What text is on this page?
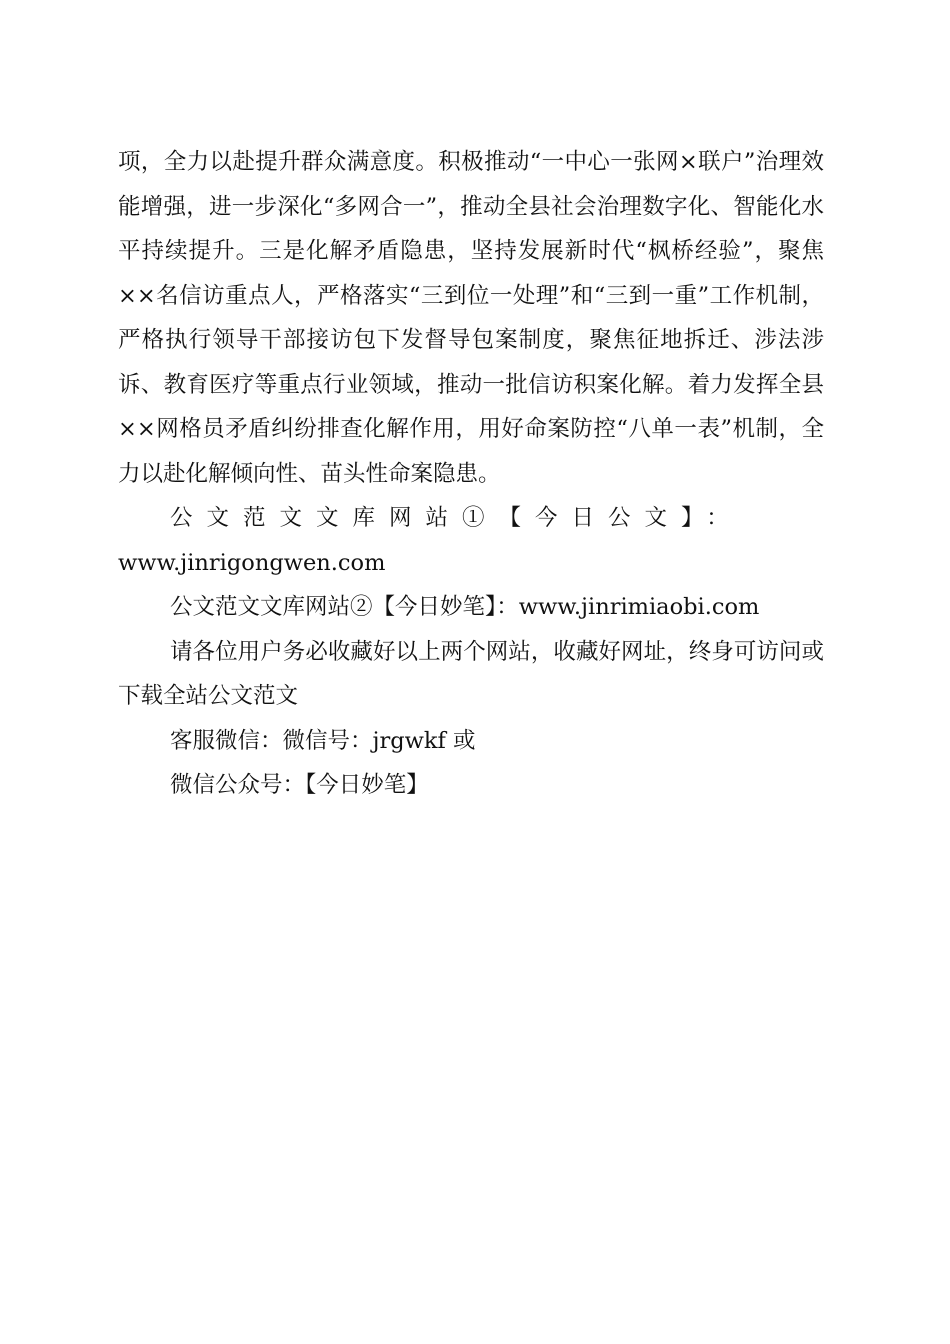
项，全力以赴提升群众满意度。积极推动“一中心一张网×联户”治理效能增强，进一步深化“多网合一”，推动全县社会治理数字化、智能化水平持续提升。三是化解矛盾隐患，坚持发展新时代“枫桥经验”，聚焦××名信访重点人，严格落实“三到位一处理”和“三到一重”工作机制，严格执行领导干部接访包下发督导包案制度，聚焦征地拆迁、涉法涉诉、教育医疗等重点行业领域，推动一批信访积案化解。着力发挥全县××网格员矛盾纠纷排查化解作用，用好命案防控“八单一表”机制，全力以赴化解倾向性、苗头性命案隐患。

公文范文文库网站①【今日公文】：
www.jinrigongwen.com

公文范文文库网站②【今日妙笔】：www.jinrimiaobi.com

请各位用户务必收藏好以上两个网站，收藏好网址，终身可访问或下载全站公文范文

客服微信：微信号：jrgwkf 或

微信公众号：【今日妙笔】
